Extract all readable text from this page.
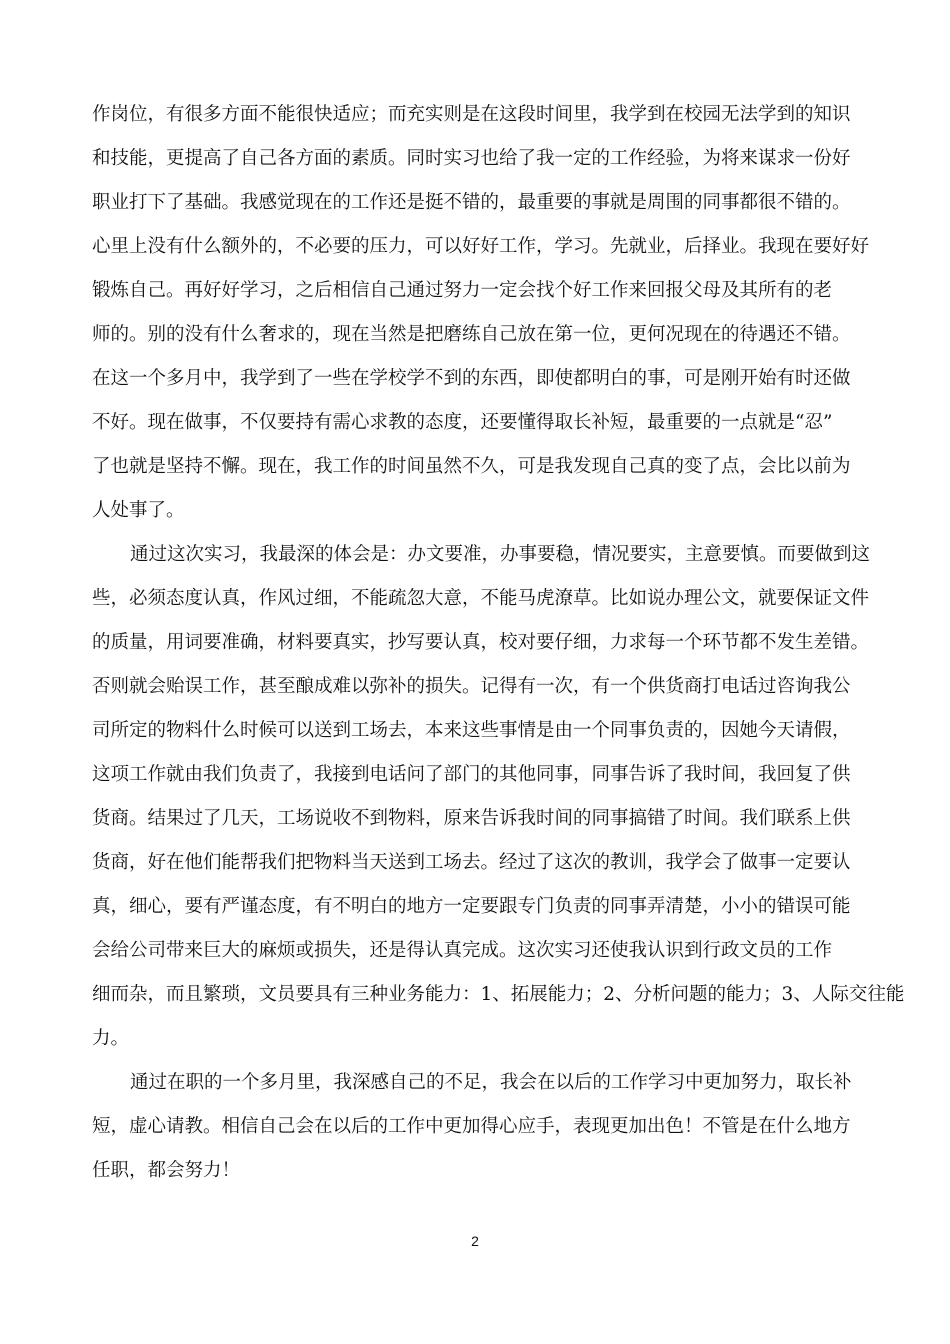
作岗位，有很多方面不能很快适应；而充实则是在这段时间里，我学到在校园无法学到的知识
和技能，更提高了自己各方面的素质。同时实习也给了我一定的工作经验，为将来谋求一份好
职业打下了基础。我感觉现在的工作还是挺不错的，最重要的事就是周围的同事都很不错的。
心里上没有什么额外的，不必要的压力，可以好好工作，学习。先就业，后择业。我现在要好好
锻炼自己。再好好学习，之后相信自己通过努力一定会找个好工作来回报父母及其所有的老
师的。别的没有什么奢求的，现在当然是把磨练自己放在第一位，更何况现在的待遇还不错。
在这一个多月中，我学到了一些在学校学不到的东西，即使都明白的事，可是刚开始有时还做
不好。现在做事，不仅要持有需心求教的态度，还要懂得取长补短，最重要的一点就是“忍”
了也就是坚持不懈。现在，我工作的时间虽然不久，可是我发现自己真的变了点，会比以前为
人处事了。
通过这次实习，我最深的体会是：办文要准，办事要稳，情况要实，主意要慎。而要做到这
些，必须态度认真，作风过细，不能疏忽大意，不能马虎潦草。比如说办理公文，就要保证文件
的质量，用词要准确，材料要真实，抄写要认真，校对要仔细，力求每一个环节都不发生差错。
否则就会贻误工作，甚至酿成难以弥补的损失。记得有一次，有一个供货商打电话过咨询我公
司所定的物料什么时候可以送到工场去，本来这些事情是由一个同事负责的，因她今天请假，
这项工作就由我们负责了，我接到电话问了部门的其他同事，同事告诉了我时间，我回复了供
货商。结果过了几天，工场说收不到物料，原来告诉我时间的同事搞错了时间。我们联系上供
货商，好在他们能帮我们把物料当天送到工场去。经过了这次的教训，我学会了做事一定要认
真，细心，要有严谨态度，有不明白的地方一定要跟专门负责的同事弄清楚，小小的错误可能
会给公司带来巨大的麻烦或损失，还是得认真完成。这次实习还使我认识到行政文员的工作
细而杂，而且繁琐，文员要具有三种业务能力：1、拓展能力；2、分析问题的能力；3、人际交往能
力。
通过在职的一个多月里，我深感自己的不足，我会在以后的工作学习中更加努力，取长补
短，虚心请教。相信自己会在以后的工作中更加得心应手，表现更加出色！不管是在什么地方
任职，都会努力！
2
